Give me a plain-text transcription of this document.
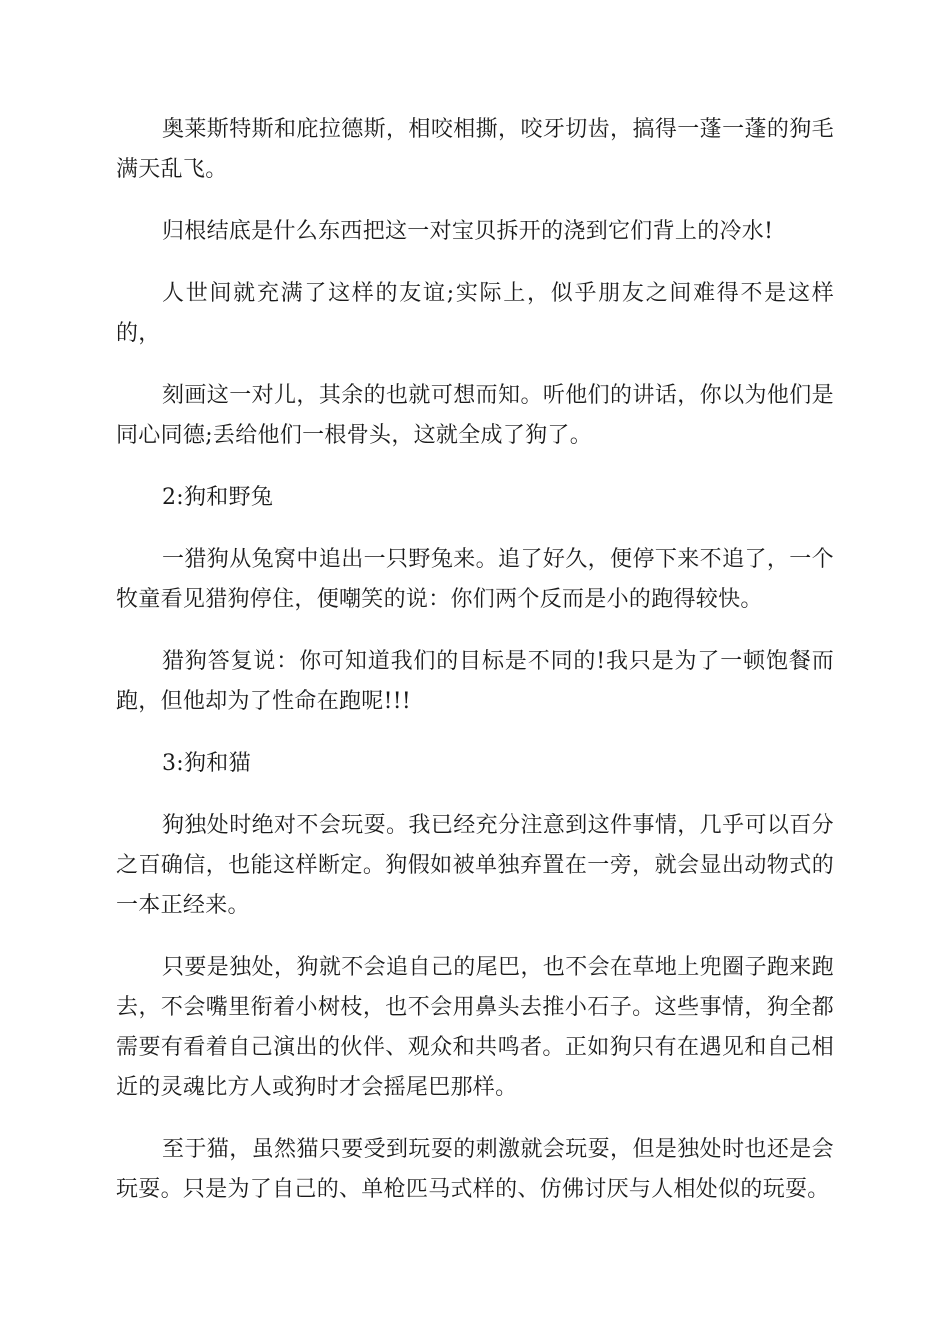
奥莱斯特斯和庇拉德斯，相咬相撕，咬牙切齿，搞得一蓬一蓬的狗毛满天乱飞。

归根结底是什么东西把这一对宝贝拆开的浇到它们背上的冷水!

人世间就充满了这样的友谊;实际上，似乎朋友之间难得不是这样的，

刻画这一对儿，其余的也就可想而知。听他们的讲话，你以为他们是同心同德;丢给他们一根骨头，这就全成了狗了。

2:狗和野兔

一猎狗从兔窝中追出一只野兔来。追了好久，便停下来不追了，一个牧童看见猎狗停住，便嘲笑的说：你们两个反而是小的跑得较快。

猎狗答复说：你可知道我们的目标是不同的!我只是为了一顿饱餐而跑，但他却为了性命在跑呢!!!

3:狗和猫

狗独处时绝对不会玩耍。我已经充分注意到这件事情，几乎可以百分之百确信，也能这样断定。狗假如被单独弃置在一旁，就会显出动物式的一本正经来。

只要是独处，狗就不会追自己的尾巴，也不会在草地上兜圈子跑来跑去，不会嘴里衔着小树枝，也不会用鼻头去推小石子。这些事情，狗全都需要有看着自己演出的伙伴、观众和共鸣者。正如狗只有在遇见和自己相近的灵魂比方人或狗时才会摇尾巴那样。

至于猫，虽然猫只要受到玩耍的刺激就会玩耍，但是独处时也还是会玩耍。只是为了自己的、单枪匹马式样的、仿佛讨厌与人相处似的玩耍。
